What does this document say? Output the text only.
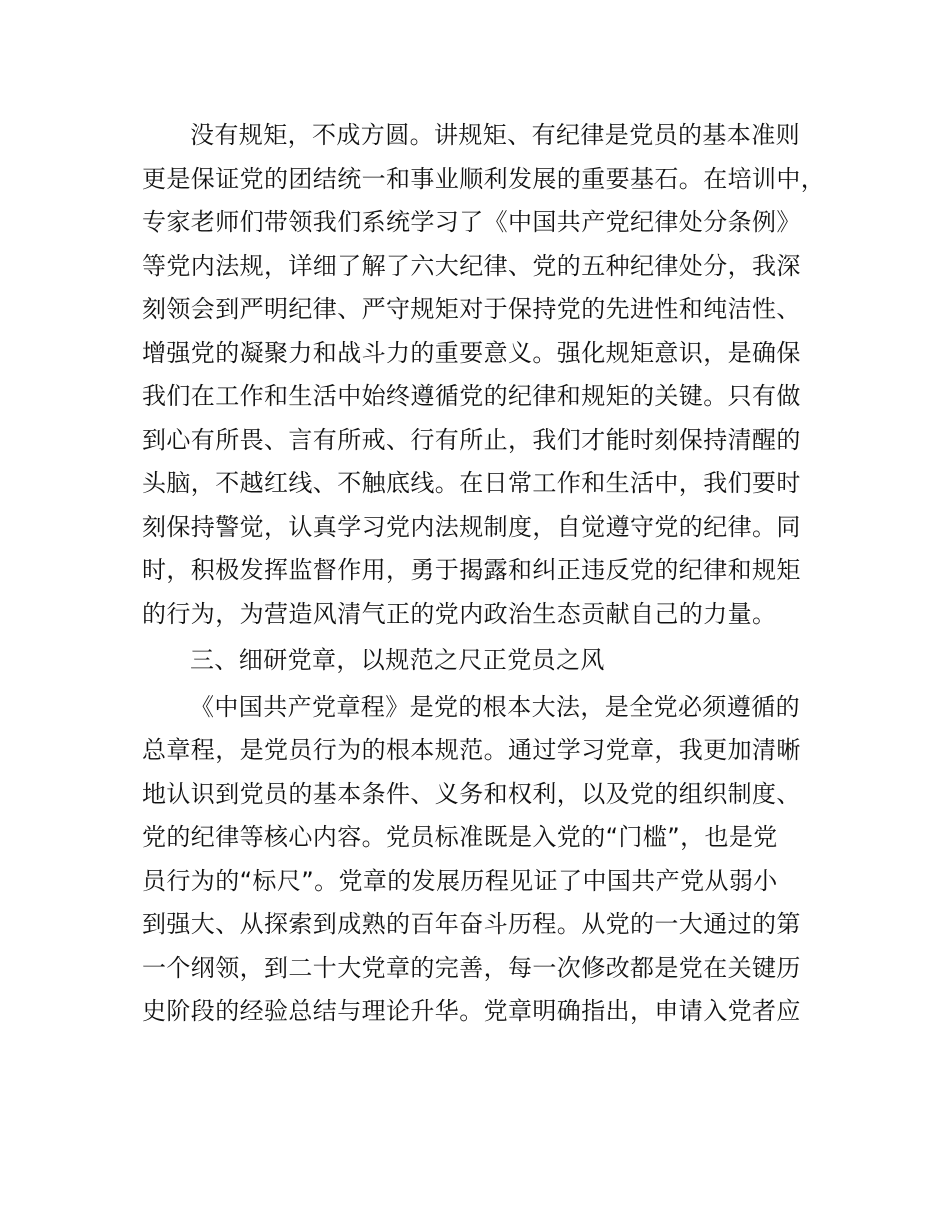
没有规矩，不成方圆。讲规矩、有纪律是党员的基本准则
更是保证党的团结统一和事业顺利发展的重要基石。在培训中，
专家老师们带领我们系统学习了《中国共产党纪律处分条例》
等党内法规，详细了解了六大纪律、党的五种纪律处分，我深
刻领会到严明纪律、严守规矩对于保持党的先进性和纯洁性、
增强党的凝聚力和战斗力的重要意义。强化规矩意识，是确保
我们在工作和生活中始终遵循党的纪律和规矩的关键。只有做
到心有所畏、言有所戒、行有所止，我们才能时刻保持清醒的
头脑，不越红线、不触底线。在日常工作和生活中，我们要时
刻保持警觉，认真学习党内法规制度，自觉遵守党的纪律。同
时，积极发挥监督作用，勇于揭露和纠正违反党的纪律和规矩
的行为，为营造风清气正的党内政治生态贡献自己的力量。
三、细研党章，以规范之尺正党员之风
《中国共产党章程》是党的根本大法，是全党必须遵循的
总章程，是党员行为的根本规范。通过学习党章，我更加清晰
地认识到党员的基本条件、义务和权利，以及党的组织制度、
党的纪律等核心内容。党员标准既是入党的“门槛”，也是党
员行为的“标尺”。党章的发展历程见证了中国共产党从弱小
到强大、从探索到成熟的百年奋斗历程。从党的一大通过的第
一个纲领，到二十大党章的完善，每一次修改都是党在关键历
史阶段的经验总结与理论升华。党章明确指出，申请入党者应
